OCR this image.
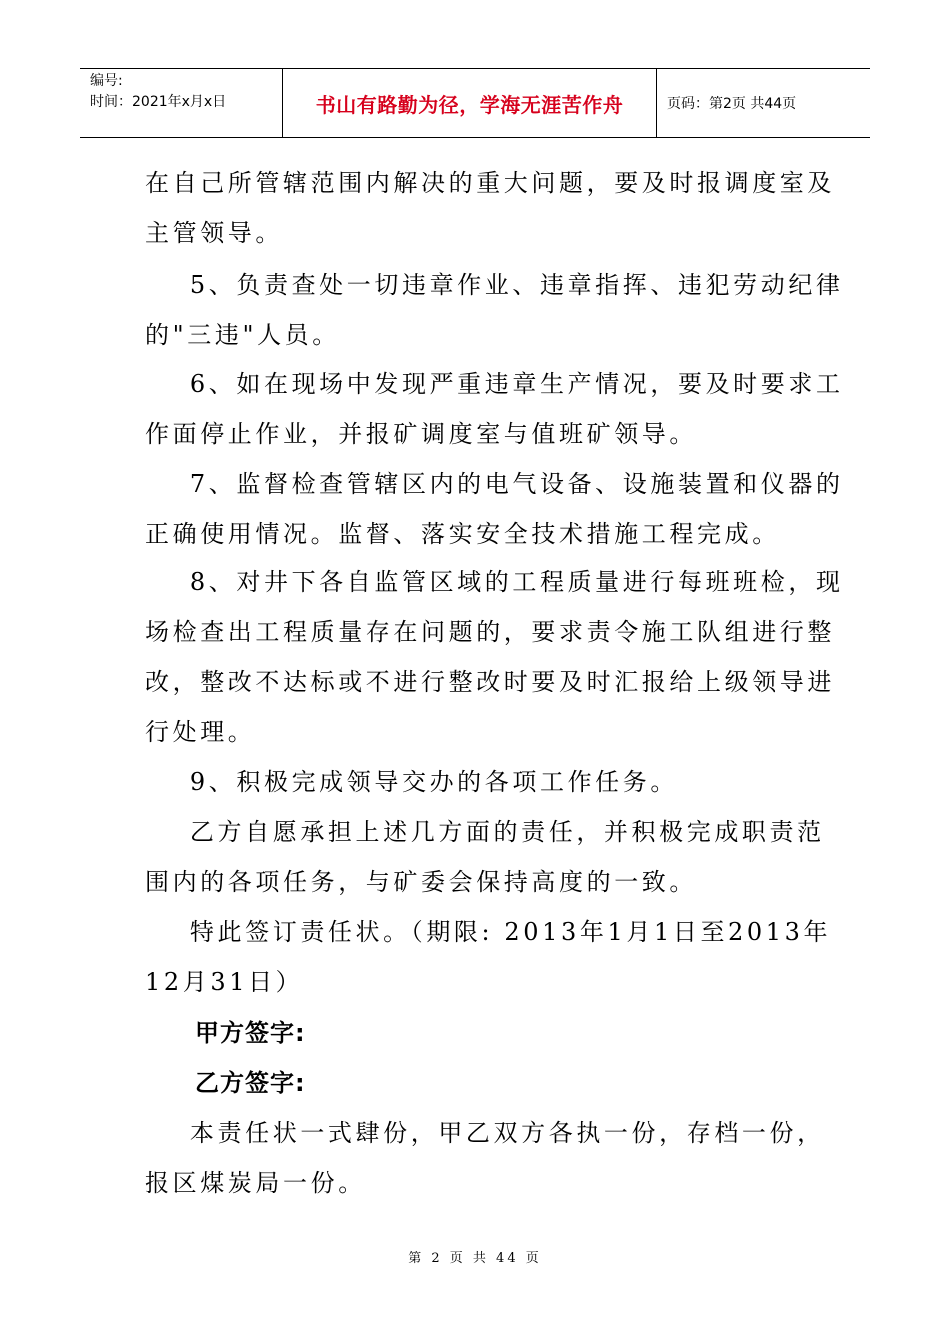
编号:
时间：2021年x月x日	书山有路勤为径，学海无涯苦作舟	页码：第2页 共44页
在自己所管辖范围内解决的重大问题，要及时报调度室及
主管领导。
5、负责查处一切违章作业、违章指挥、违犯劳动纪律
的"三违"人员。
6、如在现场中发现严重违章生产情况，要及时要求工
作面停止作业，并报矿调度室与值班矿领导。
7、监督检查管辖区内的电气设备、设施装置和仪器的
正确使用情况。监督、落实安全技术措施工程完成。
8、对井下各自监管区域的工程质量进行每班班检，现
场检查出工程质量存在问题的，要求责令施工队组进行整
改，整改不达标或不进行整改时要及时汇报给上级领导进
行处理。
9、积极完成领导交办的各项工作任务。
乙方自愿承担上述几方面的责任，并积极完成职责范
围内的各项任务，与矿委会保持高度的一致。
特此签订责任状。（期限: 2013年1月1日至2013年
12月31日）
甲方签字:
乙方签字:
本责任状一式肆份，甲乙双方各执一份，存档一份，
报区煤炭局一份。
第 2 页 共 44 页
